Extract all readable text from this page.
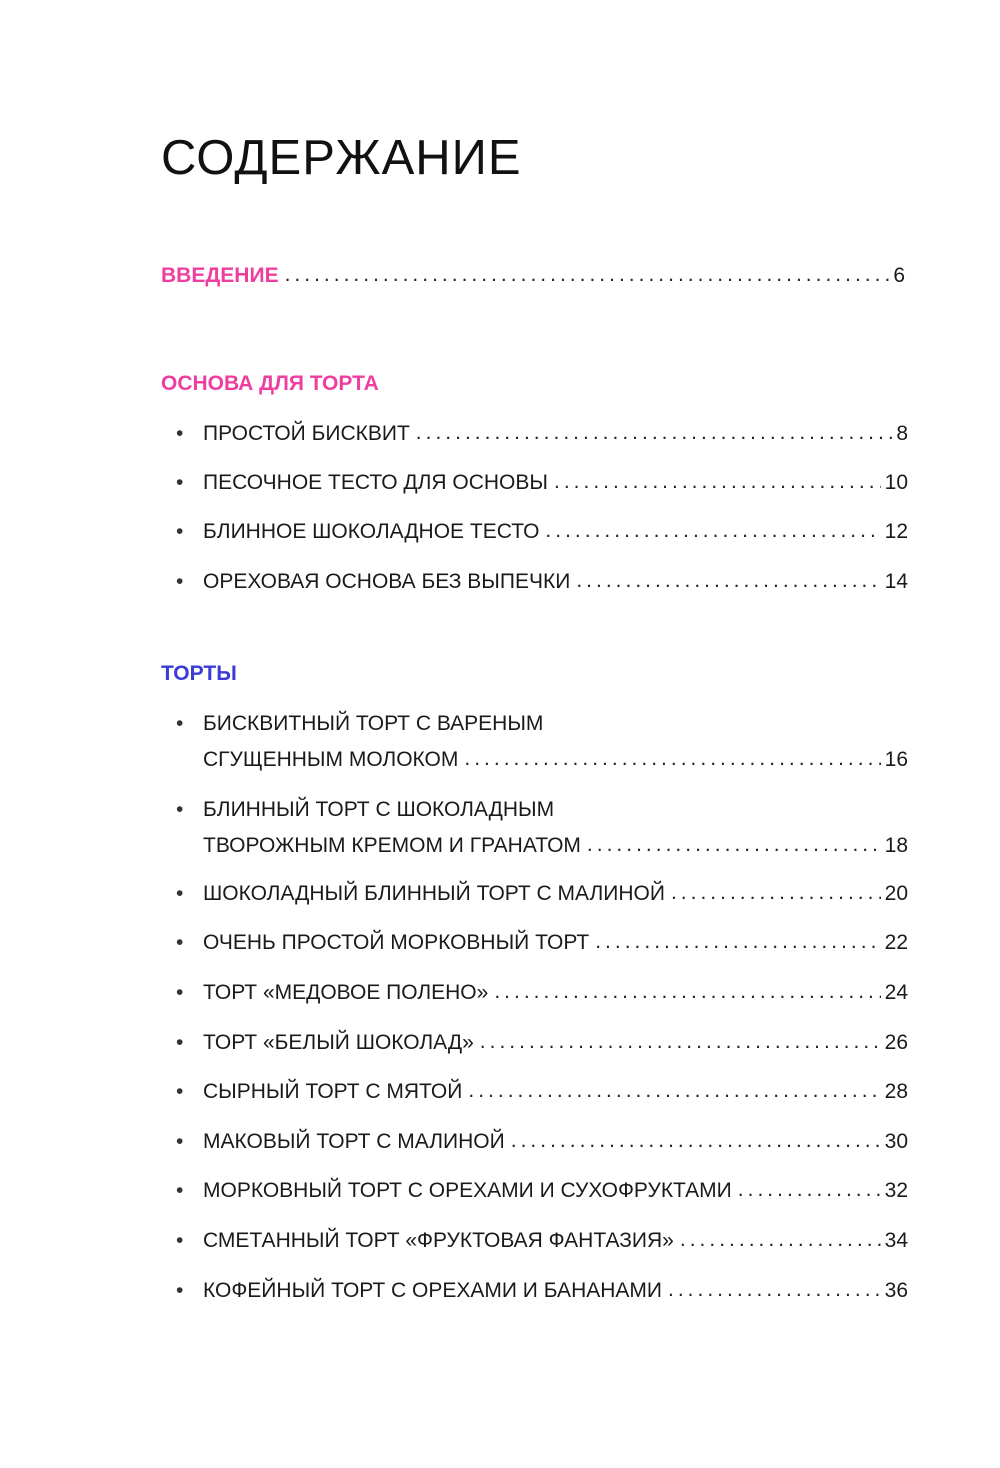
СОДЕРЖАНИЕ
ВВЕДЕНИЕ .....	6
ОСНОВА ДЛЯ ТОРТА
• ПРОСТОЙ БИСКВИТ .....	8
• ПЕСОЧНОЕ ТЕСТО ДЛЯ ОСНОВЫ .....	10
• БЛИННОЕ ШОКОЛАДНОЕ ТЕСТО .....	12
• ОРЕХОВАЯ ОСНОВА БЕЗ ВЫПЕЧКИ .....	14
ТОРТЫ
• БИСКВИТНЫЙ ТОРТ С ВАРЕНЫМ
СГУЩЕННЫМ МОЛОКОМ .....	16
• БЛИННЫЙ ТОРТ С ШОКОЛАДНЫМ
ТВОРОЖНЫМ КРЕМОМ И ГРАНАТОМ .....	18
• ШОКОЛАДНЫЙ БЛИННЫЙ ТОРТ С МАЛИНОЙ .....	20
• ОЧЕНЬ ПРОСТОЙ МОРКОВНЫЙ ТОРТ .....	22
• ТОРТ «МЕДОВОЕ ПОЛЕНО» .....	24
• ТОРТ «БЕЛЫЙ ШОКОЛАД» .....	26
• СЫРНЫЙ ТОРТ С МЯТОЙ .....	28
• МАКОВЫЙ ТОРТ С МАЛИНОЙ .....	30
• МОРКОВНЫЙ ТОРТ С ОРЕХАМИ И СУХОФРУКТАМИ .....	32
• СМЕТАННЫЙ ТОРТ «ФРУКТОВАЯ ФАНТАЗИЯ» .....	34
• КОФЕЙНЫЙ ТОРТ С ОРЕХАМИ И БАНАНАМИ .....	36
